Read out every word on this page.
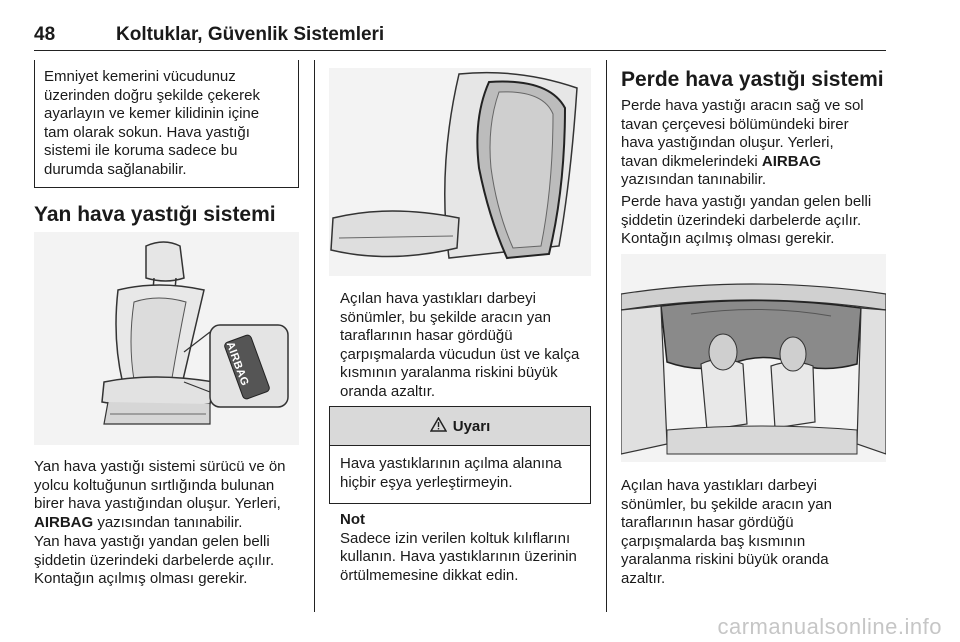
48	Koltuklar, Güvenlik Sistemleri
Emniyet kemerini vücudunuz
üzerinden doğru şekilde çekerek
ayarlayın ve kemer kilidinin içine
tam olarak sokun. Hava yastığı
sistemi ile koruma sadece bu
durumda sağlanabilir.
Yan hava yastığı sistemi
AIRBAG
Yan hava yastığı sistemi sürücü ve ön
yolcu koltuğunun sırtlığında bulunan
birer hava yastığından oluşur. Yerleri,
AIRBAG yazısından tanınabilir.
Yan hava yastığı yandan gelen belli
şiddetin üzerindeki darbelerde açılır.
Kontağın açılmış olması gerekir.
Açılan hava yastıkları darbeyi
sönümler, bu şekilde aracın yan
taraflarının hasar gördüğü
çarpışmalarda vücudun üst ve kalça
kısmının yaralanma riskini büyük
oranda azaltır.
Uyarı
Hava yastıklarının açılma alanına
hiçbir eşya yerleştirmeyin.
Not
Sadece izin verilen koltuk kılıflarını
kullanın. Hava yastıklarının üzerinin
örtülmemesine dikkat edin.
Perde hava yastığı sistemi
Perde hava yastığı aracın sağ ve sol
tavan çerçevesi bölümündeki birer
hava yastığından oluşur. Yerleri,
tavan dikmelerindeki AIRBAG
yazısından tanınabilir.
Perde hava yastığı yandan gelen belli
şiddetin üzerindeki darbelerde açılır.
Kontağın açılmış olması gerekir.
Açılan hava yastıkları darbeyi
sönümler, bu şekilde aracın yan
taraflarının hasar gördüğü
çarpışmalarda baş kısmının
yaralanma riskini büyük oranda
azaltır.
carmanualsonline.info
